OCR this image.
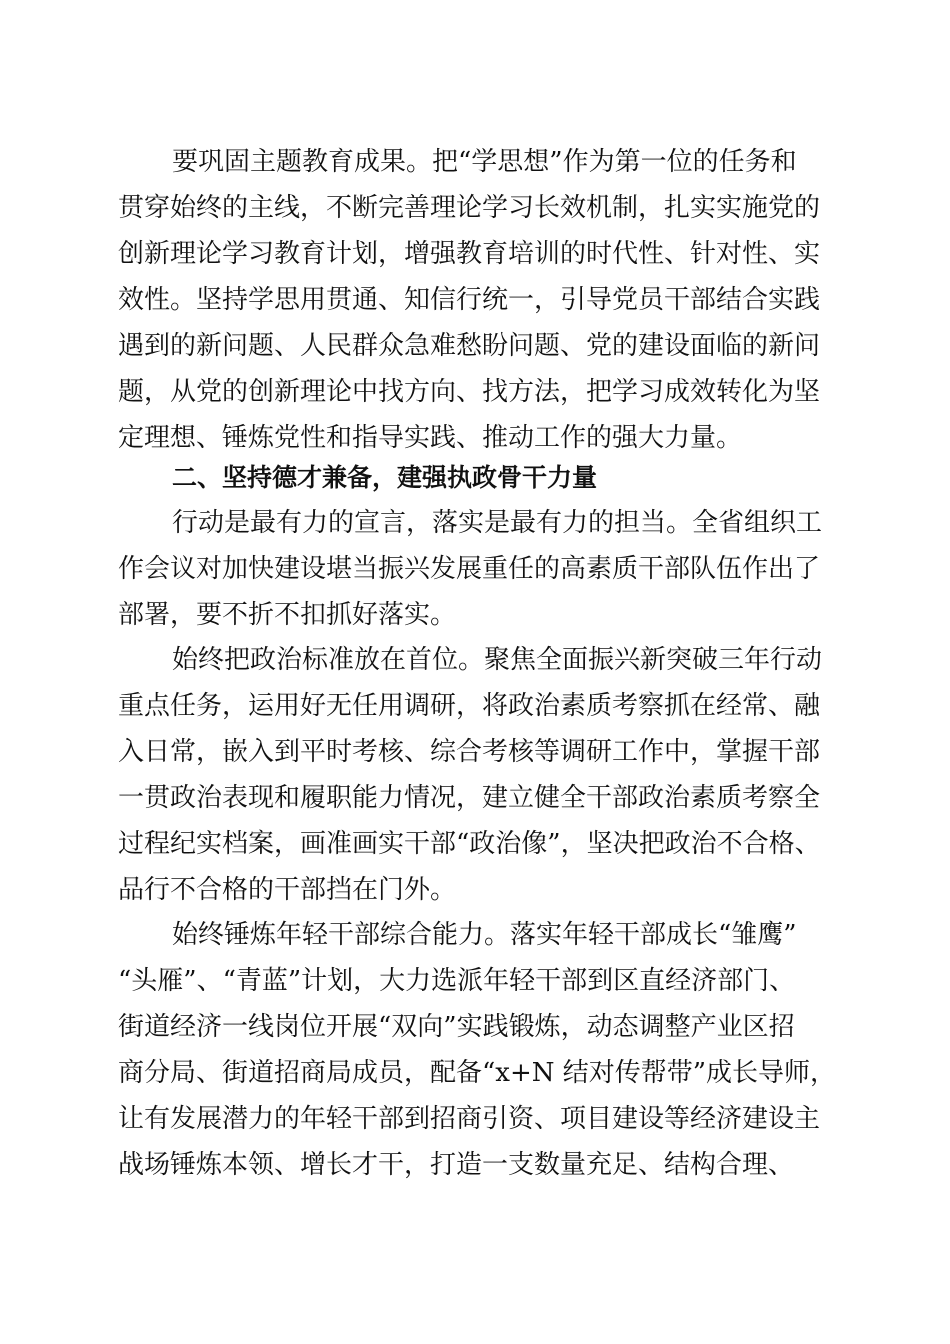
要巩固主题教育成果。把“学思想”作为第一位的任务和
贯穿始终的主线，不断完善理论学习长效机制，扎实实施党的
创新理论学习教育计划，增强教育培训的时代性、针对性、实
效性。坚持学思用贯通、知信行统一，引导党员干部结合实践
遇到的新问题、人民群众急难愁盼问题、党的建设面临的新问
题，从党的创新理论中找方向、找方法，把学习成效转化为坚
定理想、锤炼党性和指导实践、推动工作的强大力量。
二、坚持德才兼备，建强执政骨干力量
行动是最有力的宣言，落实是最有力的担当。全省组织工
作会议对加快建设堪当振兴发展重任的高素质干部队伍作出了
部署，要不折不扣抓好落实。
始终把政治标准放在首位。聚焦全面振兴新突破三年行动
重点任务，运用好无任用调研，将政治素质考察抓在经常、融
入日常，嵌入到平时考核、综合考核等调研工作中，掌握干部
一贯政治表现和履职能力情况，建立健全干部政治素质考察全
过程纪实档案，画准画实干部“政治像”，坚决把政治不合格、
品行不合格的干部挡在门外。
始终锤炼年轻干部综合能力。落实年轻干部成长“雏鹰”
“头雁”、“青蓝”计划，大力选派年轻干部到区直经济部门、
街道经济一线岗位开展“双向”实践锻炼，动态调整产业区招
商分局、街道招商局成员，配备“x+N 结对传帮带”成长导师，
让有发展潜力的年轻干部到招商引资、项目建设等经济建设主
战场锤炼本领、增长才干，打造一支数量充足、结构合理、
